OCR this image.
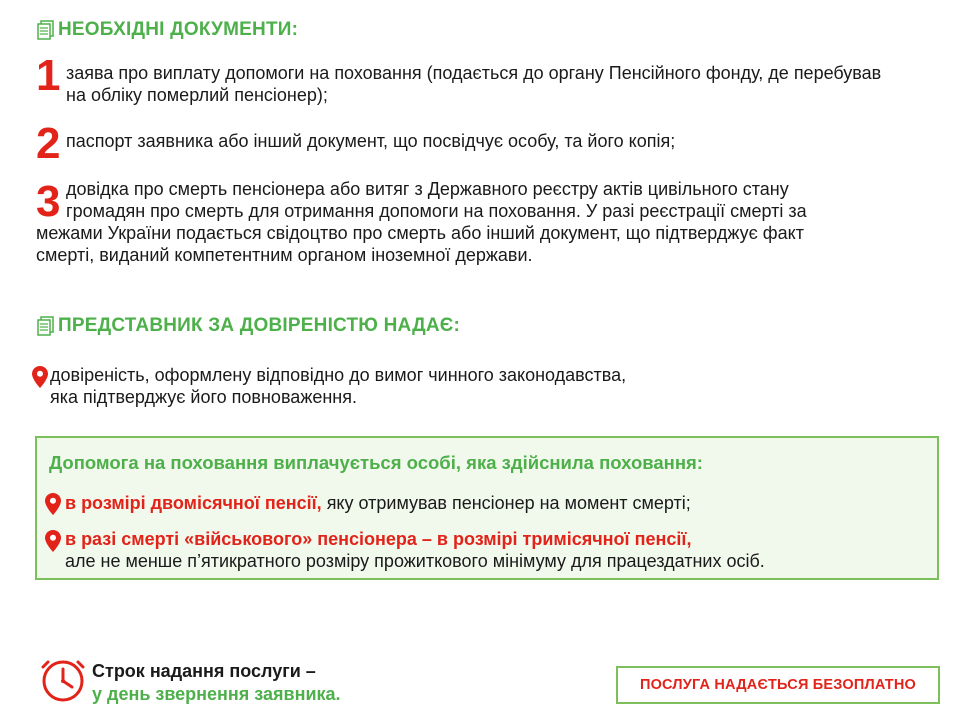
НЕОБХІДНІ ДОКУМЕНТИ:
1 заява про виплату допомоги на поховання (подається до органу Пенсійного фонду, де перебував
на обліку померлий пенсіонер);
2 паспорт заявника або інший документ, що посвідчує особу, та його копія;
3 довідка про смерть пенсіонера або витяг з Державного реєстру актів цивільного стану
громадян про смерть для отримання допомоги на поховання. У разі реєстрації смерті за
межами України подається свідоцтво про смерть або інший документ, що підтверджує факт
смерті, виданий компетентним органом іноземної держави.
ПРЕДСТАВНИК ЗА ДОВІРЕНІСТЮ НАДАЄ:
довіреність, оформлену відповідно до вимог чинного законодавства,
яка підтверджує його повноваження.
Допомога на поховання виплачується особі, яка здійснила поховання:
в розмірі двомісячної пенсії, яку отримував пенсіонер на момент смерті;
в разі смерті «військового» пенсіонера – в розмірі тримісячної пенсії,
але не менше п’ятикратного розміру прожиткового мінімуму для працездатних осіб.
Строк надання послуги –
у день звернення заявника.	ПОСЛУГА НАДАЄТЬСЯ БЕЗОПЛАТНО
